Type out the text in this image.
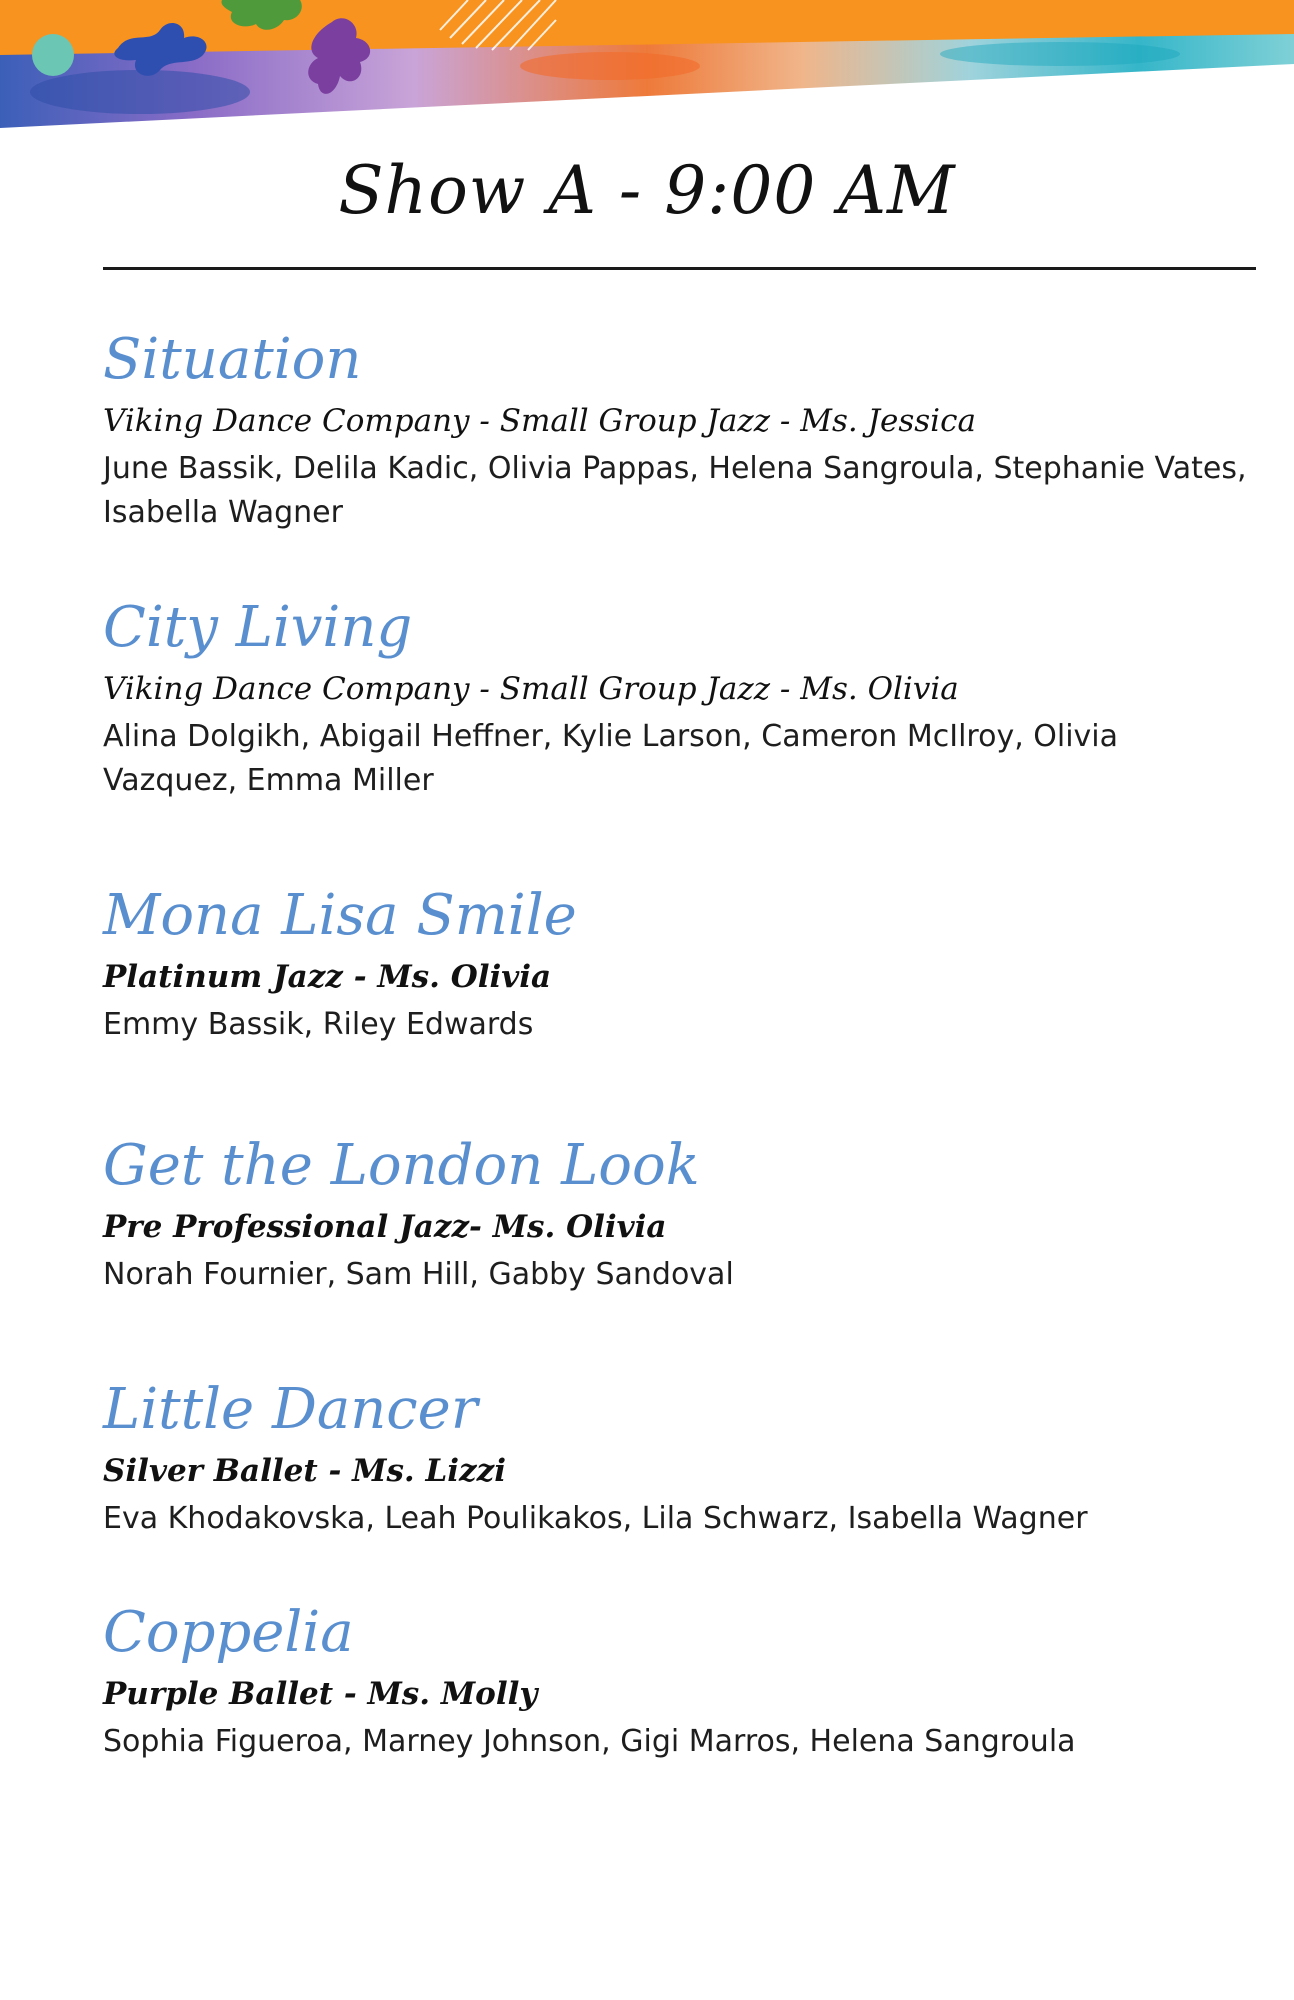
Show A - 9:00 AM
Situation
Viking Dance Company - Small Group Jazz - Ms. Jessica
June Bassik, Delila Kadic, Olivia Pappas, Helena Sangroula, Stephanie Vates, Isabella Wagner
City Living
Viking Dance Company - Small Group Jazz - Ms. Olivia
Alina Dolgikh, Abigail Heffner, Kylie Larson, Cameron McIlroy, Olivia Vazquez, Emma Miller
Mona Lisa Smile
Platinum Jazz - Ms. Olivia
Emmy Bassik, Riley Edwards
Get the London Look
Pre Professional Jazz- Ms. Olivia
Norah Fournier, Sam Hill, Gabby Sandoval
Little Dancer
Silver Ballet - Ms. Lizzi
Eva Khodakovska, Leah Poulikakos, Lila Schwarz, Isabella Wagner
Coppelia
Purple Ballet - Ms. Molly
Sophia Figueroa, Marney Johnson, Gigi Marros, Helena Sangroula
